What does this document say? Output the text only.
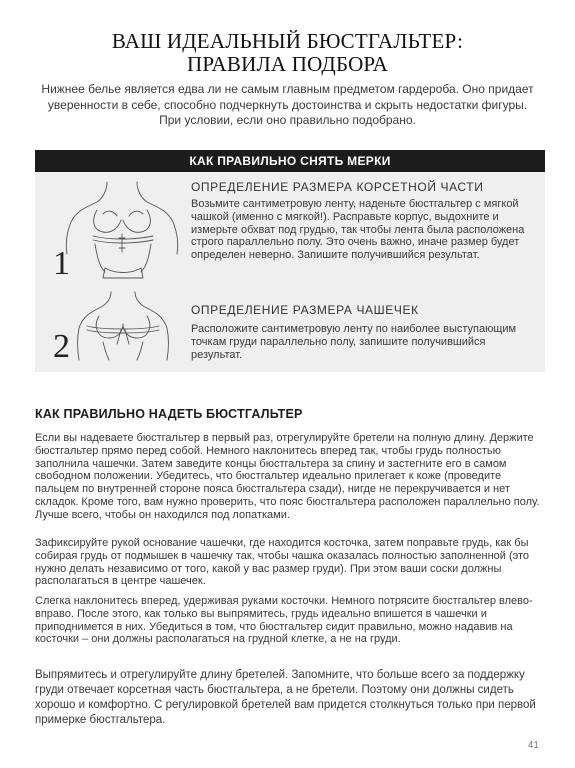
ВАШ ИДЕАЛЬНЫЙ БЮСТГАЛЬТЕР:
ПРАВИЛА ПОДБОРА

Нижнее белье является едва ли не самым главным предметом гардероба. Оно придает уверенности в себе, способно подчеркнуть достоинства и скрыть недостатки фигуры. При условии, если оно правильно подобрано.

КАК ПРАВИЛЬНО СНЯТЬ МЕРКИ
1
2
ОПРЕДЕЛЕНИЕ РАЗМЕРА КОРСЕТНОЙ ЧАСТИ

Возьмите сантиметровую ленту, наденьте бюстгальтер с мягкой чашкой (именно с мягкой!). Расправьте корпус, выдохните и измерьте обхват под грудью, так чтобы лента была расположена строго параллельно полу. Это очень важно, иначе размер будет определен неверно. Запишите получившийся результат.

ОПРЕДЕЛЕНИЕ РАЗМЕРА ЧАШЕЧЕК

Расположите сантиметровую ленту по наиболее выступающим точкам груди параллельно полу, запишите получившийся результат.

КАК ПРАВИЛЬНО НАДЕТЬ БЮСТГАЛЬТЕР

Если вы надеваете бюстгальтер в первый раз, отрегулируйте бретели на полную длину. Держите бюстгальтер прямо перед собой. Немного наклонитесь вперед так, чтобы грудь полностью заполнила чашечки. Затем заведите концы бюстгальтера за спину и застегните его в самом свободном положении. Убедитесь, что бюстгальтер идеально прилегает к коже (проведите пальцем по внутренней стороне пояса бюстгальтера сзади), нигде не перекручивается и нет складок. Кроме того, вам нужно проверить, что пояс бюстгальтера расположен параллельно полу. Лучше всего, чтобы он находился под лопатками.

Зафиксируйте рукой основание чашечки, где находится косточка, затем поправьте грудь, как бы собирая грудь от подмышек в чашечку так, чтобы чашка оказалась полностью заполненной (это нужно делать независимо от того, какой у вас размер груди). При этом ваши соски должны располагаться в центре чашечек.

Слегка наклонитесь вперед, удерживая руками косточки. Немного потрясите бюстгальтер влево-вправо. После этого, как только вы выпрямитесь, грудь идеально впишется в чашечки и приподнимется в них. Убедиться в том, что бюстгальтер сидит правильно, можно надавив на косточки – они должны располагаться на грудной клетке, а не на груди.

Выпрямитесь и отрегулируйте длину бретелей. Запомните, что больше всего за поддержку груди отвечает корсетная часть бюстгальтера, а не бретели. Поэтому они должны сидеть хорошо и комфортно. С регулировкой бретелей вам придется столкнуться только при первой примерке бюстгальтера.

41
